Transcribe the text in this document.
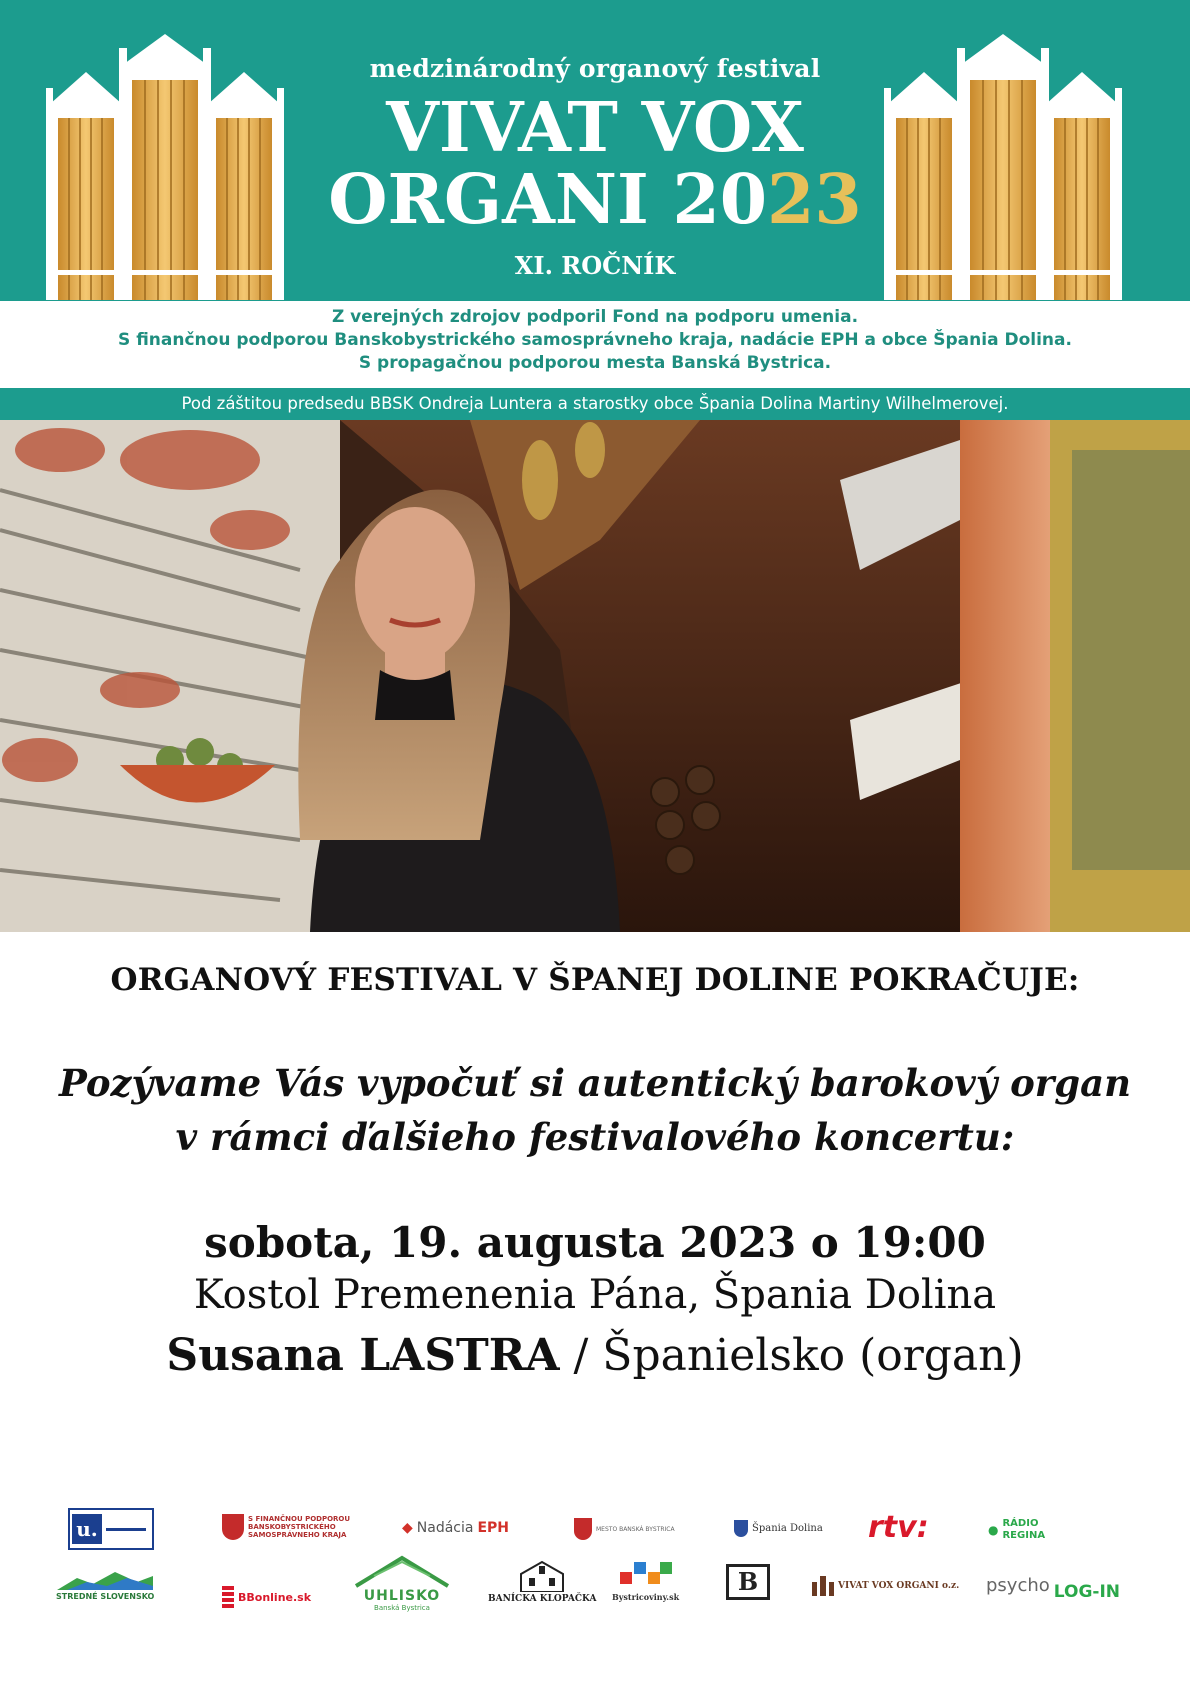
medzinárodný organový festival
VIVAT VOX
ORGANI 2023
XI. ROČNÍK
Z verejných zdrojov podporil Fond na podporu umenia.
S finančnou podporou Banskobystrického samosprávneho kraja, nadácie EPH a obce Špania Dolina.
S propagačnou podporou mesta Banská Bystrica.
Pod záštitou predsedu BBSK Ondreja Luntera a starostky obce Špania Dolina Martiny Wilhelmerovej.
ORGANOVÝ FESTIVAL V ŠPANEJ DOLINE POKRAČUJE:
Pozývame Vás vypočuť si autentický barokový organ
v rámci ďalšieho festivalového koncertu:
sobota, 19. augusta 2023 o 19:00
Kostol Premenenia Pána, Špania Dolina
Susana LASTRA / Španielsko (organ)
u.	S FINANČNOU PODPOROU BANSKOBYSTRICKÉHO SAMOSPRÁVNEHO KRAJA	◆ Nadácia EPH	MESTO BANSKÁ BYSTRICA	Špania Dolina rtv:	● RÁDIO REGINA
STREDNÉ SLOVENSKO	BBonline.sk	UHLISKO
Banská Bystrica
BANÍCKA KLOPAČKA Bystricoviny.sk
B	VIVAT VOX ORGANI o.z. psycho LOG-IN
